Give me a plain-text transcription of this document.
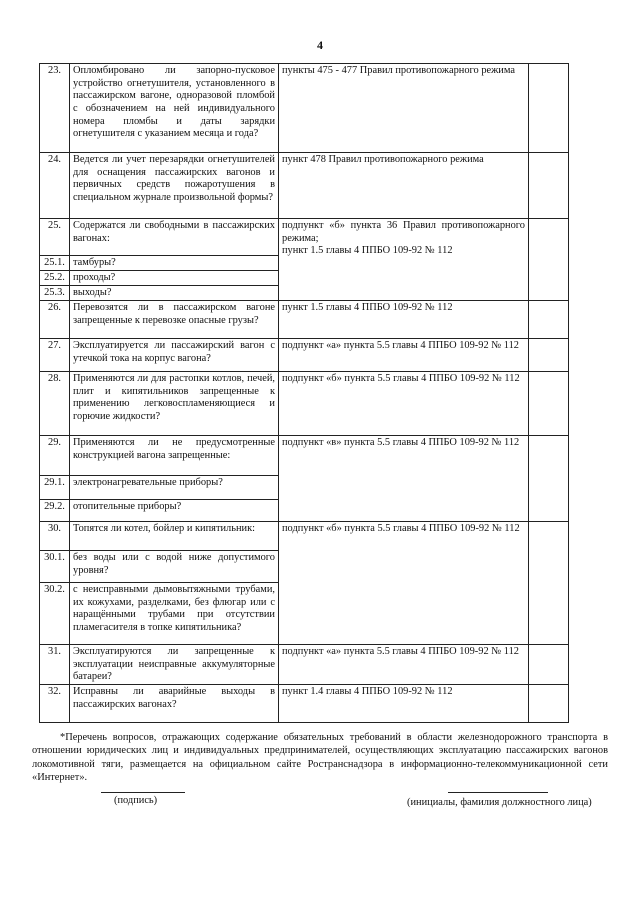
4
23.	Опломбировано ли запорно-пусковое устройство огнетушителя, установленного в пассажирском вагоне, одноразовой пломбой с обозначением на ней индивидуального номера пломбы и даты зарядки огнетушителя с указанием месяца и года?	пункты 475 - 477 Правил противопожарного режима	
24.	Ведется ли учет перезарядки огнетушителей для оснащения пассажирских вагонов и первичных средств пожаротушения в специальном журнале произвольной формы?	пункт 478 Правил противопожарного режима	
25.	Содержатся ли свободными в пассажирских вагонах:	подпункт «б» пункта 36 Правил противопожарного режима;
пункт 1.5 главы 4 ППБО 109-92 № 112	
25.1.	тамбуры?		
25.2.	проходы?		
25.3.	выходы?		
26.	Перевозятся ли в пассажирском вагоне запрещенные к перевозке опасные грузы?	пункт 1.5 главы 4 ППБО 109-92 № 112	
27.	Эксплуатируется ли пассажирский вагон с утечкой тока на корпус вагона?	подпункт «а» пункта 5.5 главы 4 ППБО 109-92 № 112	
28.	Применяются ли для растопки котлов, печей, плит и кипятильников запрещенные к применению легковоспламеняющиеся и горючие жидкости?	подпункт «б» пункта 5.5 главы 4 ППБО 109-92 № 112	
29.	Применяются ли не предусмотренные конструкцией вагона запрещенные:	подпункт «в» пункта 5.5 главы 4 ППБО 109-92 № 112	
29.1.	электронагревательные приборы?		
29.2.	отопительные приборы?		
30.	Топятся ли котел, бойлер и кипятильник:	подпункт «б» пункта 5.5 главы 4 ППБО 109-92 № 112	
30.1.	без воды или с водой ниже допустимого уровня?		
30.2.	с неисправными дымовытяжными трубами, их кожухами, разделками, без флюгар или с наращёнными трубами при отсутствии пламегасителя в топке кипятильника?		
31.	Эксплуатируются ли запрещенные к эксплуатации неисправные аккумуляторные батареи?	подпункт «а» пункта 5.5 главы 4 ППБО 109-92 № 112	
32.	Исправны ли аварийные выходы в пассажирских вагонах?	пункт 1.4 главы 4 ППБО 109-92 № 112	
*Перечень вопросов, отражающих содержание обязательных требований в области железнодорожного транспорта в отношении юридических лиц и индивидуальных предпринимателей, осуществляющих эксплуатацию пассажирских вагонов локомотивной тяги, размещается на официальном сайте Ространснадзора в информационно-телекоммуникационной сети «Интернет».
(подпись)	(инициалы, фамилия должностного лица)
